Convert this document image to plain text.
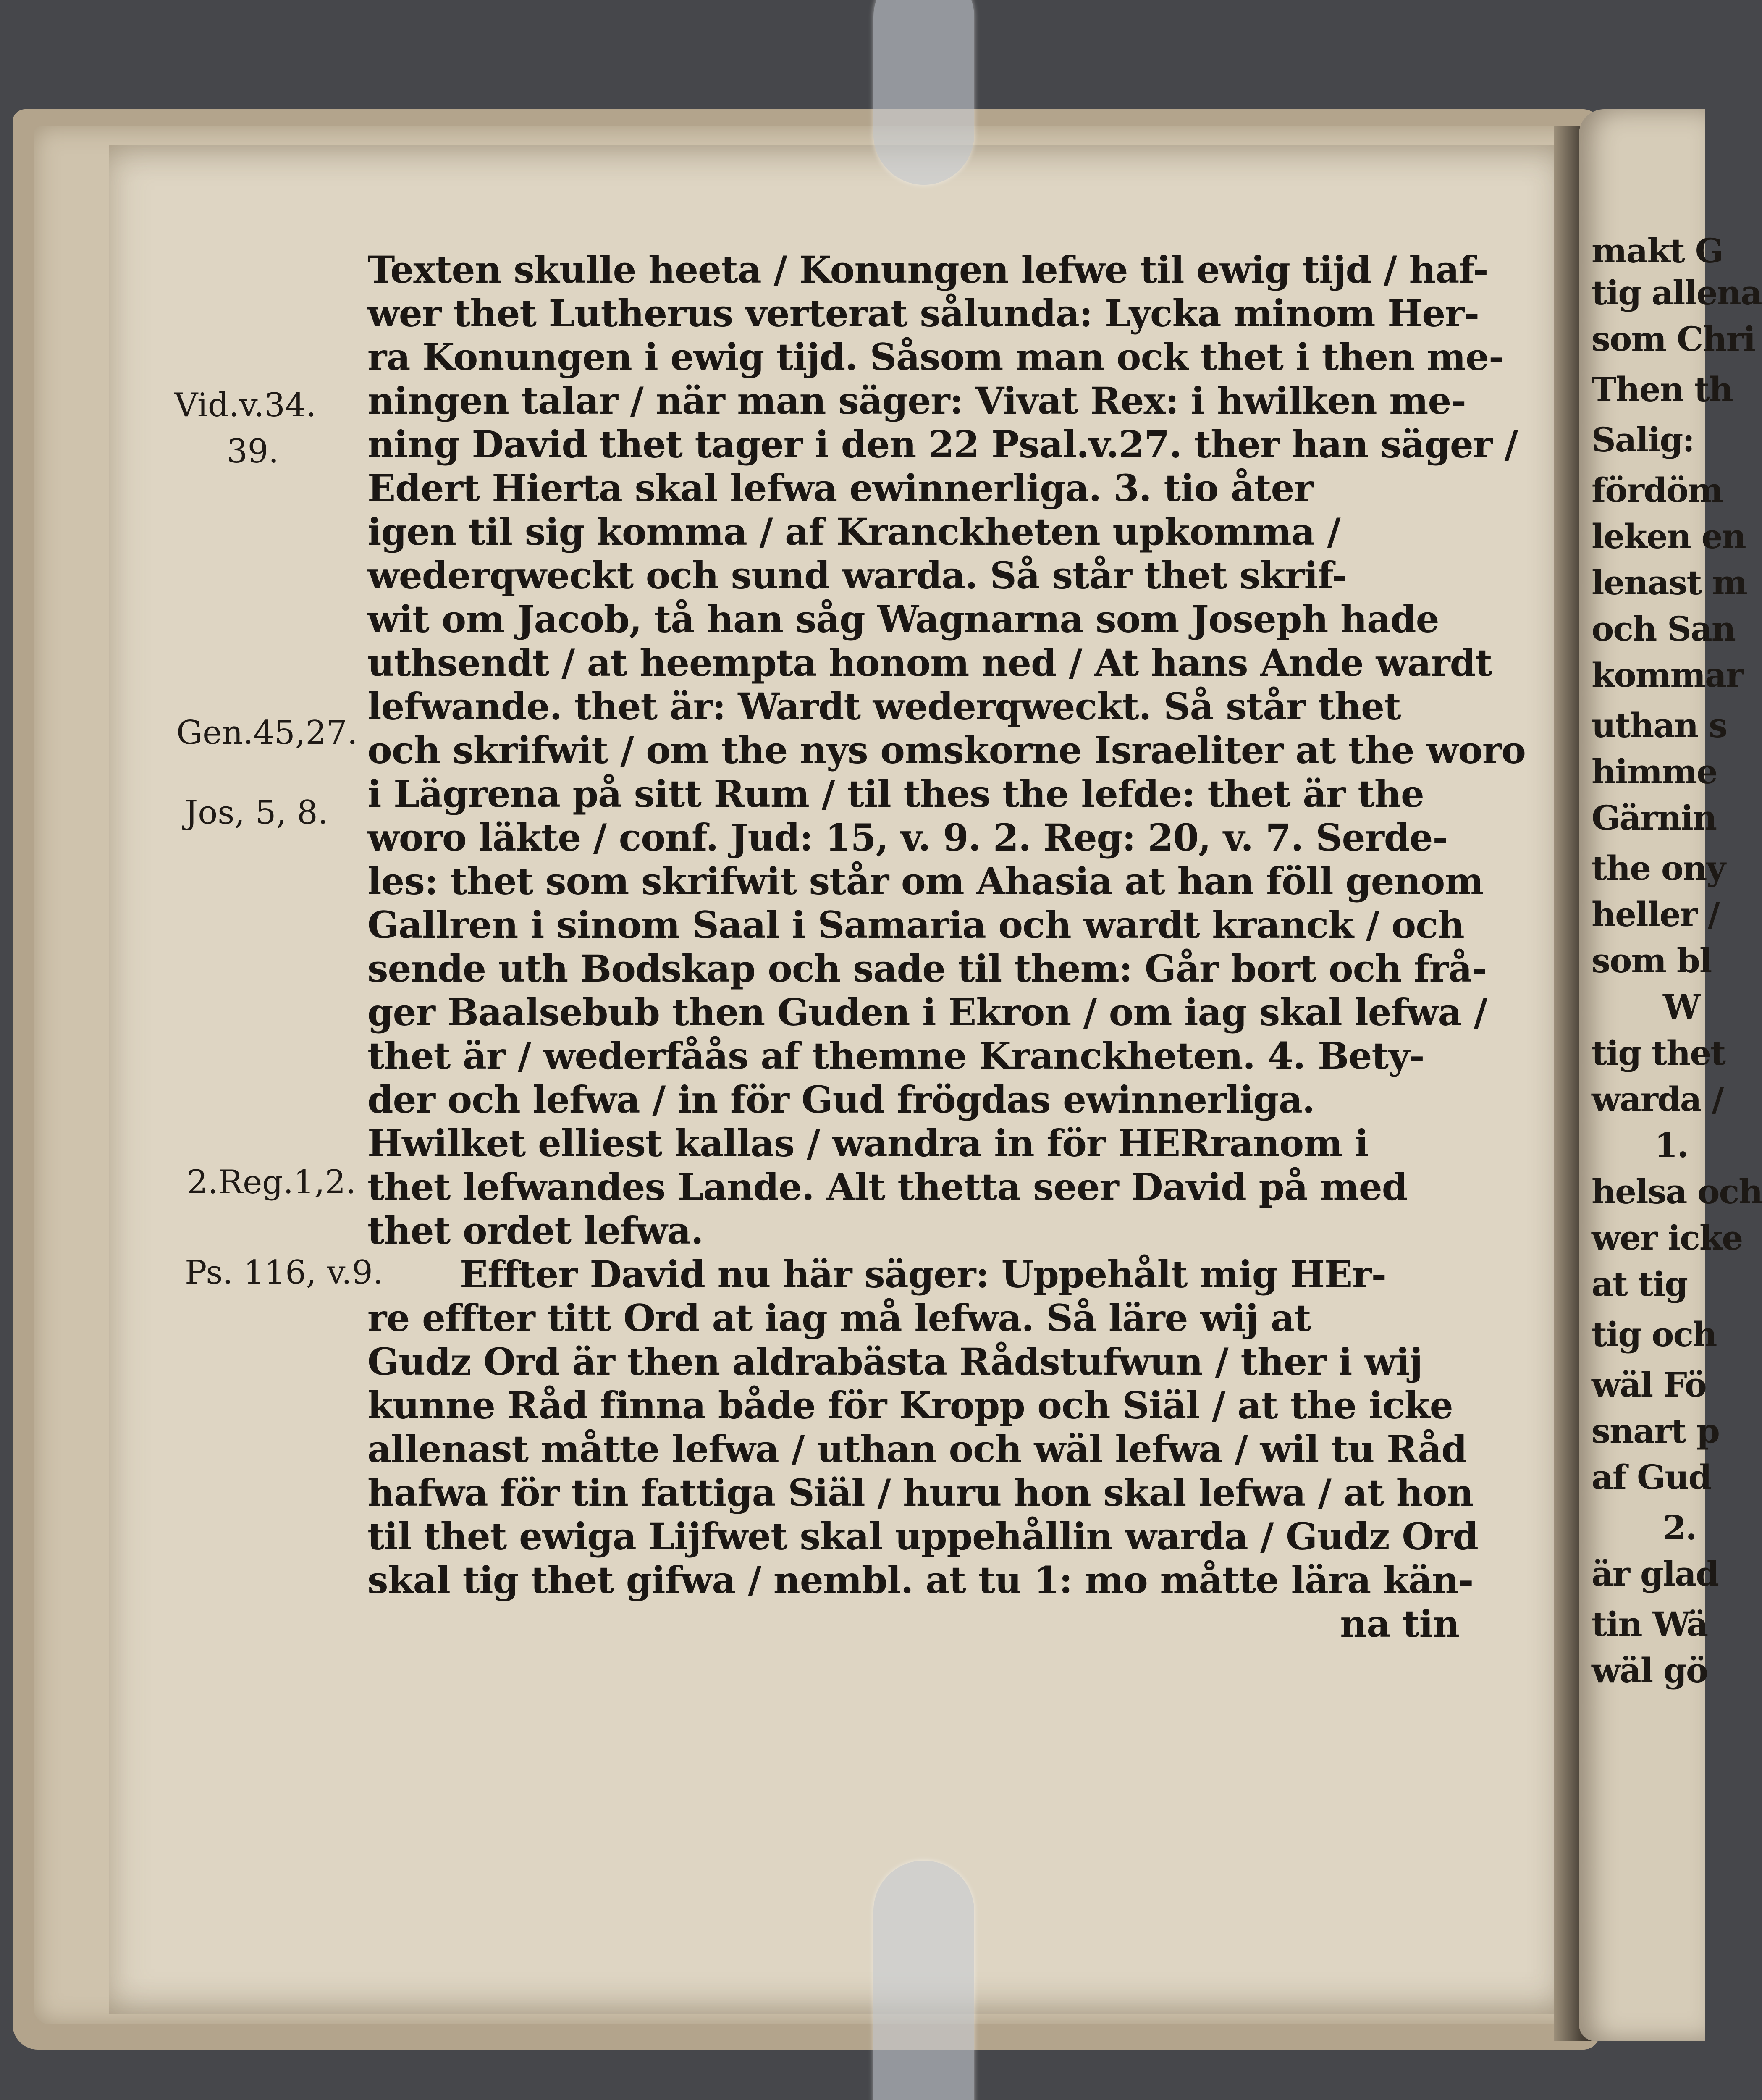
Vid.v.34.
39.
Gen.45,27.
Jos, 5, 8.
2.Reg.1,2.
Ps. 116, v.9.
Texten skulle heeta / Konungen lefwe til ewig tijd / haf-
wer thet Lutherus verterat sålunda: Lycka minom Her-
ra Konungen i ewig tijd. Såsom man ock thet i then me-
ningen talar / när man säger: Vivat Rex: i hwilken me-
ning David thet tager i den 22 Psal.v.27. ther han säger /
Edert Hierta skal lefwa ewinnerliga. 3. tio åter
igen til sig komma / af Kranckheten upkomma /
wederqweckt och sund warda. Så står thet skrif-
wit om Jacob, tå han såg Wagnarna som Joseph hade
uthsendt / at heempta honom ned / At hans Ande wardt
lefwande. thet är: Wardt wederqweckt. Så står thet
och skrifwit / om the nys omskorne Israeliter at the woro
i Lägrena på sitt Rum / til thes the lefde: thet är the
woro läkte / conf. Jud: 15, v. 9. 2. Reg: 20, v. 7. Serde-
les: thet som skrifwit står om Ahasia at han föll genom
Gallren i sinom Saal i Samaria och wardt kranck / och
sende uth Bodskap och sade til them: Går bort och frå-
ger Baalsebub then Guden i Ekron / om iag skal lefwa /
thet är / wederfåås af themne Kranckheten. 4. Bety-
der och lefwa / in för Gud frögdas ewinnerliga.
Hwilket elliest kallas / wandra in för HERranom i
thet lefwandes Lande. Alt thetta seer David på med
thet ordet lefwa.
Effter David nu här säger: Uppehålt mig HEr-
re effter titt Ord at iag må lefwa. Så läre wij at
Gudz Ord är then aldrabästa Rådstufwun / ther i wij
kunne Råd finna både för Kropp och Siäl / at the icke
allenast måtte lefwa / uthan och wäl lefwa / wil tu Råd
hafwa för tin fattiga Siäl / huru hon skal lefwa / at hon
til thet ewiga Lijfwet skal uppehållin warda / Gudz Ord
skal tig thet gifwa / nembl. at tu 1: mo måtte lära kän-
na tin
makt G
tig allena
som Chri
Then th
Salig:
fördöm
leken en
lenast m
och San
kommar
uthan s
himme
Gärnin
the ony
heller /
som bl
W
tig thet
warda /
1.
helsa och
wer icke
at tig
tig och
wäl Fö
snart p
af Gud
2.
är glad
tin Wä
wäl gö
